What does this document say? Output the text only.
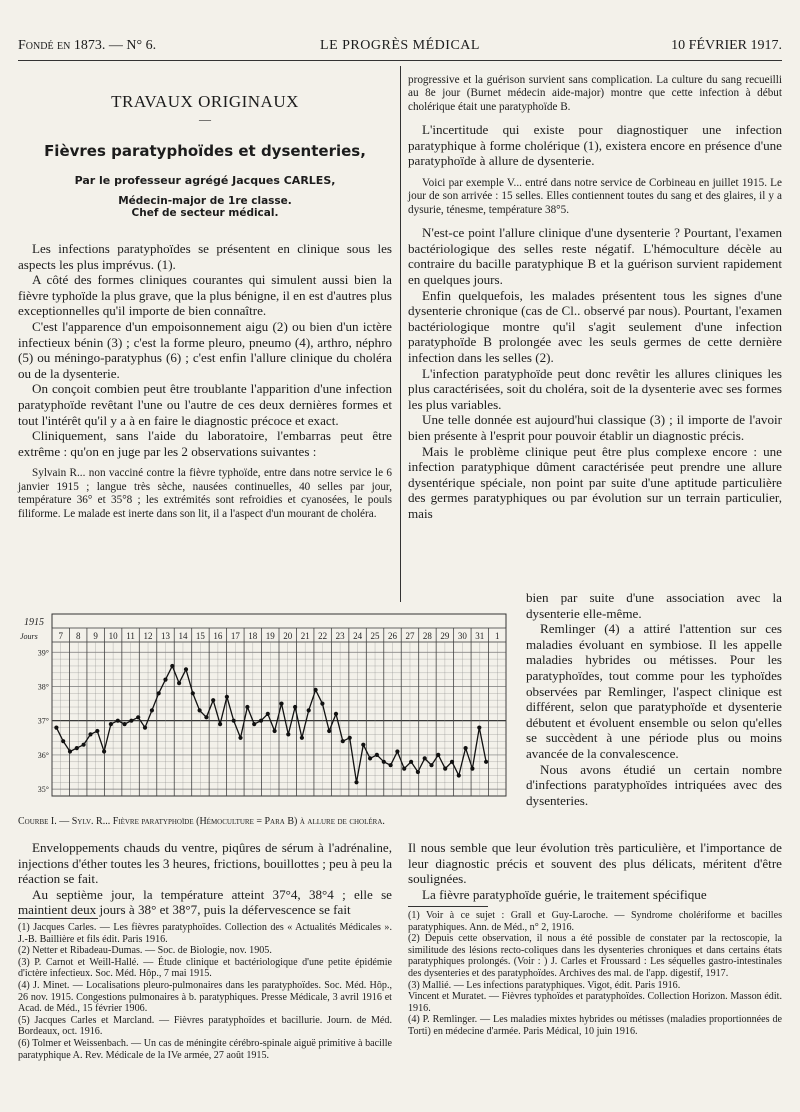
Fondé en 1873. — N° 6.	LE PROGRÈS MÉDICAL	10 FÉVRIER 1917.
TRAVAUX ORIGINAUX
—
Fièvres paratyphoïdes et dysenteries,
Par le professeur agrégé Jacques CARLES,
Médecin-major de 1re classe.
Chef de secteur médical.

Les infections paratyphoïdes se présentent en clinique sous les aspects les plus imprévus. (1).

A côté des formes cliniques courantes qui simulent aussi bien la fièvre typhoïde la plus grave, que la plus bénigne, il en est d'autres plus exceptionnelles qu'il importe de bien connaître.

C'est l'apparence d'un empoisonnement aigu (2) ou bien d'un ictère infectieux bénin (3) ; c'est la forme pleuro, pneumo (4), arthro, néphro (5) ou méningo-paratyphus (6) ; c'est enfin l'allure clinique du choléra ou de la dysenterie.

On conçoit combien peut être troublante l'apparition d'une infection paratyphoïde revêtant l'une ou l'autre de ces deux dernières formes et tout l'intérêt qu'il y a à en faire le diagnostic précoce et exact.

Cliniquement, sans l'aide du laboratoire, l'embarras peut être extrême : qu'on en juge par les 2 observations suivantes :

Sylvain R... non vacciné contre la fièvre typhoïde, entre dans notre service le 6 janvier 1915 ; langue très sèche, nausées continuelles, 40 selles par jour, température 36° et 35°8 ; les extrémités sont refroidies et cyanosées, le pouls filiforme. Le malade est inerte dans son lit, il a l'aspect d'un mourant de choléra.

progressive et la guérison survient sans complication. La culture du sang recueilli au 8e jour (Burnet médecin aide-major) montre que cette infection à début cholérique était une paratyphoïde B.

L'incertitude qui existe pour diagnostiquer une infection paratyphique à forme cholérique (1), existera encore en présence d'une paratyphoïde à allure de dysenterie.

Voici par exemple V... entré dans notre service de Corbineau en juillet 1915. Le jour de son arrivée : 15 selles. Elles contiennent toutes du sang et des glaires, il y a dysurie, ténesme, température 38°5.

N'est-ce point l'allure clinique d'une dysenterie ? Pourtant, l'examen bactériologique des selles reste négatif. L'hémoculture décèle au contraire du bacille paratyphique B et la guérison survient rapidement en quelques jours.

Enfin quelquefois, les malades présentent tous les signes d'une dysenterie chronique (cas de Cl.. observé par nous). Pourtant, l'examen bactériologique montre qu'il s'agit seulement d'une infection paratyphoïde B prolongée avec les seuls germes de cette dernière infection dans les selles (2).

L'infection paratyphoïde peut donc revêtir les allures cliniques les plus caractérisées, soit du choléra, soit de la dysenterie avec ses formes les plus variables.

Une telle donnée est aujourd'hui classique (3) ; il importe de l'avoir bien présente à l'esprit pour pouvoir établir un diagnostic précis.

Mais le problème clinique peut être plus complexe encore : une infection paratyphique dûment caractérisée peut prendre une allure dysentérique spéciale, non point par suite d'une aptitude particulière des germes paratyphiques ou par évolution sur un terrain particulier, mais

bien par suite d'une association avec la dysenterie elle-même.

Remlinger (4) a attiré l'attention sur ces maladies évoluant en symbiose. Il les appelle maladies hybrides ou métisses. Pour les paratyphoïdes, tout comme pour les typhoïdes observées par Remlinger, l'aspect clinique est différent, selon que paratyphoïde et dysenterie débutent et évoluent ensemble ou selon qu'elles se succèdent à une période plus ou moins avancée de la convalescence.

Nous avons étudié un certain nombre d'infections paratyphoïdes intriquées avec des dysenteries.

1915
Jours 7 8 9 10 11 12 13 14 15 16 17 18 19 20 21 22 23 24 25 26 27 28 29 30 31 1
39°
38°
37°
36°
35°
Courbe I. — Sylv. R... Fièvre paratyphoïde (Hémoculture = Para B) à allure de choléra.

Enveloppements chauds du ventre, piqûres de sérum à l'adrénaline, injections d'éther toutes les 3 heures, frictions, bouillottes ; peu à peu la réaction se fait.

Au septième jour, la température atteint 37°4, 38°4 ; elle se maintient deux jours à 38° et 38°7, puis la défervescence se fait

Il nous semble que leur évolution très particulière, et l'importance de leur diagnostic précis et souvent des plus délicats, méritent d'être soulignées.

La fièvre paratyphoïde guérie, le traitement spécifique

(1) Jacques Carles. — Les fièvres paratyphoïdes. Collection des « Actualités Médicales ». J.-B. Baillière et fils édit. Paris 1916.

(2) Netter et Ribadeau-Dumas. — Soc. de Biologie, nov. 1905.

(3) P. Carnot et Weill-Hallé. — Étude clinique et bactériologique d'une petite épidémie d'ictère infectieux. Soc. Méd. Hôp., 7 mai 1915.

(4) J. Minet. — Localisations pleuro-pulmonaires dans les paratyphoïdes. Soc. Méd. Hôp., 26 nov. 1915. Congestions pulmonaires à b. paratyphiques. Presse Médicale, 3 avril 1916 et Acad. de Méd., 15 février 1906.

(5) Jacques Carles et Marcland. — Fièvres paratyphoïdes et bacillurie. Journ. de Méd. Bordeaux, oct. 1916.

(6) Tolmer et Weissenbach. — Un cas de méningite cérébro-spinale aiguë primitive à bacille paratyphique A. Rev. Médicale de la IVe armée, 27 août 1915.

(1) Voir à ce sujet : Grall et Guy-Laroche. — Syndrome cholériforme et bacilles paratyphiques. Ann. de Méd., n° 2, 1916.

(2) Depuis cette observation, il nous a été possible de constater par la rectoscopie, la similitude des lésions recto-coliques dans les dysenteries chroniques et dans certains états paratyphiques prolongés. (Voir : ) J. Carles et Froussard : Les séquelles gastro-intestinales des dysenteries et des paratyphoïdes. Archives des mal. de l'app. digestif, 1917.

(3) Mallié. — Les infections paratyphiques. Vigot, édit. Paris 1916.

Vincent et Muratet. — Fièvres typhoïdes et paratyphoïdes. Collection Horizon. Masson édit. 1916.

(4) P. Remlinger. — Les maladies mixtes hybrides ou métisses (maladies proportionnées de Torti) en médecine d'armée. Paris Médical, 10 juin 1916.
